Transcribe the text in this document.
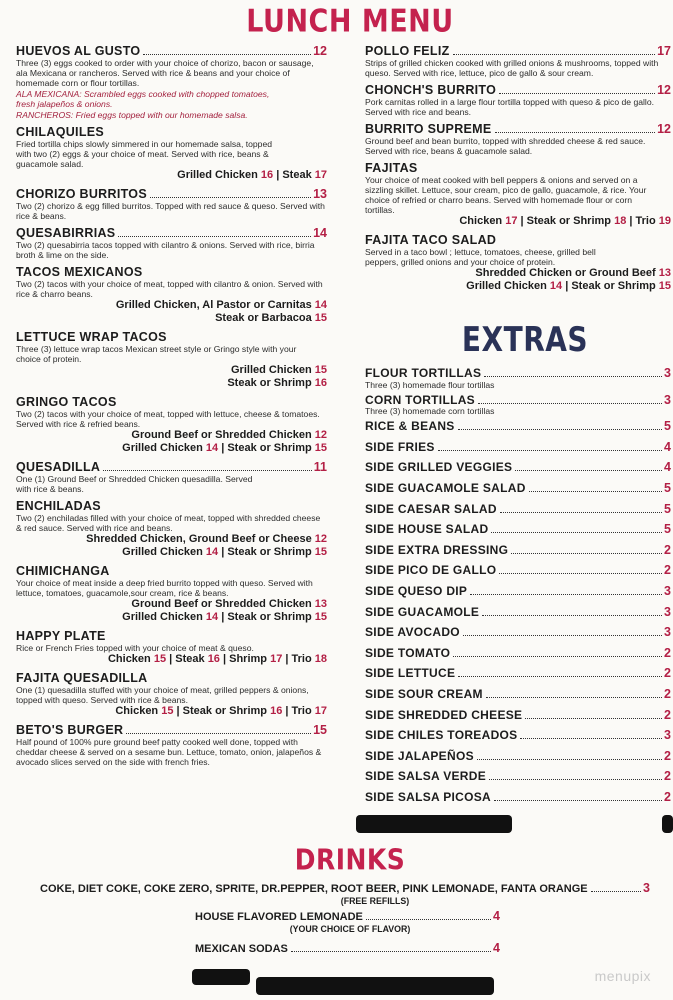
LUNCH MENU
HUEVOS AL GUSTO	12
Three (3) eggs cooked to order with your choice of chorizo, bacon or sausage, ala Mexicana or rancheros. Served with rice & beans and your choice of homemade corn or flour tortillas.
ALA MEXICANA: Scrambled eggs cooked with chopped tomatoes, fresh jalapeños & onions.
RANCHEROS: Fried eggs topped with our homemade salsa.
CHILAQUILES
Fried tortilla chips slowly simmered in our homemade salsa, topped with two (2) eggs & your choice of meat. Served with rice, beans & guacamole salad.
Grilled Chicken 16 | Steak 17
CHORIZO BURRITOS	13
Two (2) chorizo & egg filled burritos. Topped with red sauce & queso. Served with rice & beans.
QUESABIRRIAS	14
Two (2) quesabirria tacos topped with cilantro & onions. Served with rice, birria broth & lime on the side.
TACOS MEXICANOS
Two (2) tacos with your choice of meat, topped with cilantro & onion. Served with rice & charro beans.
Grilled Chicken, Al Pastor or Carnitas 14
Steak or Barbacoa 15
LETTUCE WRAP TACOS
Three (3) lettuce wrap tacos Mexican street style or Gringo style with your choice of protein.
Grilled Chicken 15
Steak or Shrimp 16
GRINGO TACOS
Two (2) tacos with your choice of meat, topped with lettuce, cheese & tomatoes. Served with rice & refried beans.
Ground Beef or Shredded Chicken 12
Grilled Chicken 14 | Steak or Shrimp 15
QUESADILLA	11
One (1) Ground Beef or Shredded Chicken quesadilla. Served with rice & beans.
ENCHILADAS
Two (2) enchiladas filled with your choice of meat, topped with shredded cheese & red sauce. Served with rice and beans.
Shredded Chicken, Ground Beef or Cheese 12
Grilled Chicken 14 | Steak or Shrimp 15
CHIMICHANGA
Your choice of meat inside a deep fried burrito topped with queso. Served with lettuce, tomatoes, guacamole,sour cream, rice & beans.
Ground Beef or Shredded Chicken 13
Grilled Chicken 14 | Steak or Shrimp 15
HAPPY PLATE
Rice or French Fries topped with your choice of meat & queso.
Chicken 15 | Steak 16 | Shrimp 17 | Trio 18
FAJITA QUESADILLA
One (1) quesadilla stuffed with your choice of meat, grilled peppers & onions, topped with queso. Served with rice & beans.
Chicken 15 | Steak or Shrimp 16 | Trio 17
BETO'S BURGER	15
Half pound of 100% pure ground beef patty cooked well done, topped with cheddar cheese & served on a sesame bun. Lettuce, tomato, onion, jalapeños & avocado slices served on the side with french fries.
POLLO FELIZ	17
Strips of grilled chicken cooked with grilled onions & mushrooms, topped with queso. Served with rice, lettuce, pico de gallo & sour cream.
CHONCH'S BURRITO	12
Pork carnitas rolled in a large flour tortilla topped with queso & pico de gallo. Served with rice and beans.
BURRITO SUPREME	12
Ground beef and bean burrito, topped with shredded cheese & red sauce. Served with rice, beans & guacamole salad.
FAJITAS
Your choice of meat cooked with bell peppers & onions and served on a sizzling skillet. Lettuce, sour cream, pico de gallo, guacamole, & rice. Your choice of refried or charro beans. Served with homemade flour or corn tortillas.
Chicken 17 | Steak or Shrimp 18 | Trio 19
FAJITA TACO SALAD
Served in a taco bowl ; lettuce, tomatoes, cheese, grilled bell peppers, grilled onions and your choice of protein.
Shredded Chicken or Ground Beef 13
Grilled Chicken 14 | Steak or Shrimp 15
EXTRAS
FLOUR TORTILLAS	3
Three (3) homemade flour tortillas
CORN TORTILLAS	3
Three (3) homemade corn tortillas
RICE & BEANS	5
SIDE FRIES	4
SIDE GRILLED VEGGIES	4
SIDE GUACAMOLE SALAD	5
SIDE CAESAR SALAD	5
SIDE HOUSE SALAD	5
SIDE EXTRA DRESSING	2
SIDE PICO DE GALLO	2
SIDE QUESO DIP	3
SIDE GUACAMOLE	3
SIDE AVOCADO	3
SIDE TOMATO	2
SIDE LETTUCE	2
SIDE SOUR CREAM	2
SIDE SHREDDED CHEESE	2
SIDE CHILES TOREADOS	3
SIDE JALAPEÑOS	2
SIDE SALSA VERDE	2
SIDE SALSA PICOSA	2
DRINKS
COKE, DIET COKE, COKE ZERO, SPRITE, DR.PEPPER, ROOT BEER, PINK LEMONADE, FANTA ORANGE	3
(FREE REFILLS)
HOUSE FLAVORED LEMONADE	4
(YOUR CHOICE OF FLAVOR)
MEXICAN SODAS	4
menupix
